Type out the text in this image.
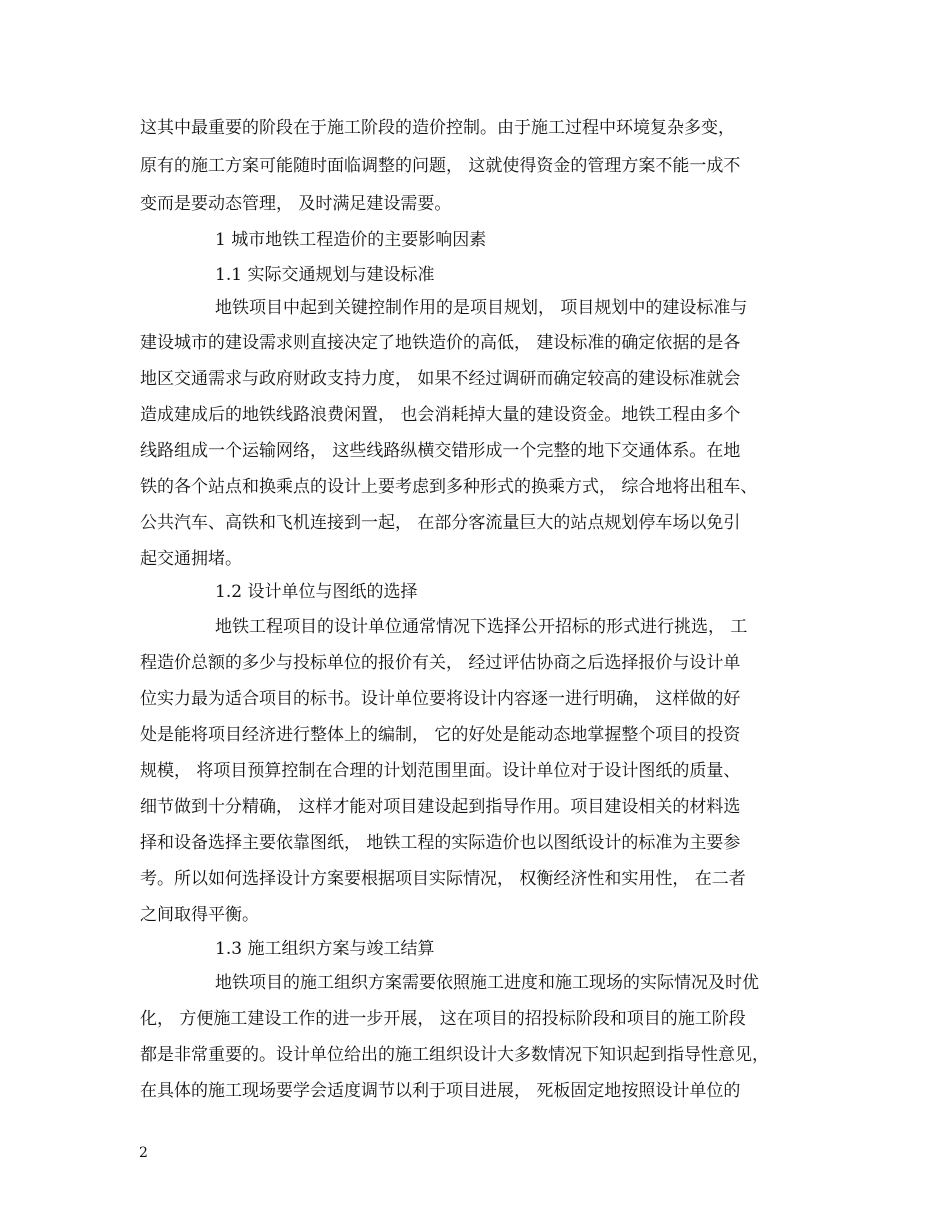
这其中最重要的阶段在于施工阶段的造价控制。由于施工过程中环境复杂多变，
原有的施工方案可能随时面临调整的问题， 这就使得资金的管理方案不能一成不
变而是要动态管理， 及时满足建设需要。
1 城市地铁工程造价的主要影响因素
1.1 实际交通规划与建设标准
地铁项目中起到关键控制作用的是项目规划， 项目规划中的建设标准与
建设城市的建设需求则直接决定了地铁造价的高低， 建设标准的确定依据的是各
地区交通需求与政府财政支持力度， 如果不经过调研而确定较高的建设标准就会
造成建成后的地铁线路浪费闲置， 也会消耗掉大量的建设资金。地铁工程由多个
线路组成一个运输网络， 这些线路纵横交错形成一个完整的地下交通体系。在地
铁的各个站点和换乘点的设计上要考虑到多种形式的换乘方式， 综合地将出租车、
公共汽车、高铁和飞机连接到一起， 在部分客流量巨大的站点规划停车场以免引
起交通拥堵。
1.2 设计单位与图纸的选择
地铁工程项目的设计单位通常情况下选择公开招标的形式进行挑选， 工
程造价总额的多少与投标单位的报价有关， 经过评估协商之后选择报价与设计单
位实力最为适合项目的标书。设计单位要将设计内容逐一进行明确， 这样做的好
处是能将项目经济进行整体上的编制， 它的好处是能动态地掌握整个项目的投资
规模， 将项目预算控制在合理的计划范围里面。设计单位对于设计图纸的质量、
细节做到十分精确， 这样才能对项目建设起到指导作用。项目建设相关的材料选
择和设备选择主要依靠图纸， 地铁工程的实际造价也以图纸设计的标准为主要参
考。所以如何选择设计方案要根据项目实际情况， 权衡经济性和实用性， 在二者
之间取得平衡。
1.3 施工组织方案与竣工结算
地铁项目的施工组织方案需要依照施工进度和施工现场的实际情况及时优
化， 方便施工建设工作的进一步开展， 这在项目的招投标阶段和项目的施工阶段
都是非常重要的。设计单位给出的施工组织设计大多数情况下知识起到指导性意见，
在具体的施工现场要学会适度调节以利于项目进展， 死板固定地按照设计单位的
2
